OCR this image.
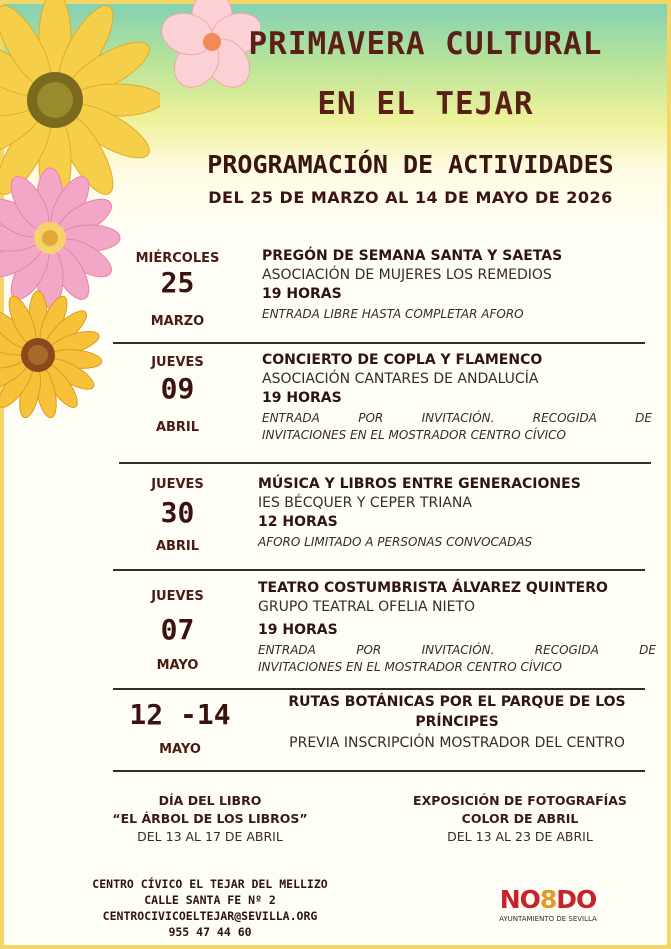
PRIMAVERA CULTURAL
EN EL TEJAR
PROGRAMACIÓN DE ACTIVIDADES
DEL 25 DE MARZO AL 14 DE MAYO DE 2026
MIÉRCOLES
25
MARZO
PREGÓN DE SEMANA SANTA Y SAETAS
ASOCIACIÓN DE MUJERES LOS REMEDIOS
19 HORAS
ENTRADA LIBRE HASTA COMPLETAR AFORO
JUEVES
09
ABRIL
CONCIERTO DE COPLA Y FLAMENCO
ASOCIACIÓN CANTARES DE ANDALUCÍA
19 HORAS
ENTRADA POR INVITACIÓN. RECOGIDA DE
INVITACIONES EN EL MOSTRADOR CENTRO CÍVICO
JUEVES
30
ABRIL
MÚSICA Y LIBROS ENTRE GENERACIONES
IES BÉCQUER Y CEPER TRIANA
12 HORAS
AFORO LIMITADO A PERSONAS CONVOCADAS
JUEVES
07
MAYO
TEATRO COSTUMBRISTA ÁLVAREZ QUINTERO
GRUPO TEATRAL OFELIA NIETO
19 HORAS
ENTRADA POR INVITACIÓN. RECOGIDA DE
INVITACIONES EN EL MOSTRADOR CENTRO CÍVICO
12 -14
MAYO
RUTAS BOTÁNICAS POR EL PARQUE DE LOS
PRÍNCIPES
PREVIA INSCRIPCIÓN MOSTRADOR DEL CENTRO
DÍA DEL LIBRO
“EL ÁRBOL DE LOS LIBROS”
DEL 13 AL 17 DE ABRIL
EXPOSICIÓN DE FOTOGRAFÍAS
COLOR DE ABRIL
DEL 13 AL 23 DE ABRIL
CENTRO CÍVICO EL TEJAR DEL MELLIZO
CALLE SANTA FE Nº 2
CENTROCIVICOELTEJAR@SEVILLA.ORG
955 47 44 60
NO8DO
AYUNTAMIENTO DE SEVILLA
